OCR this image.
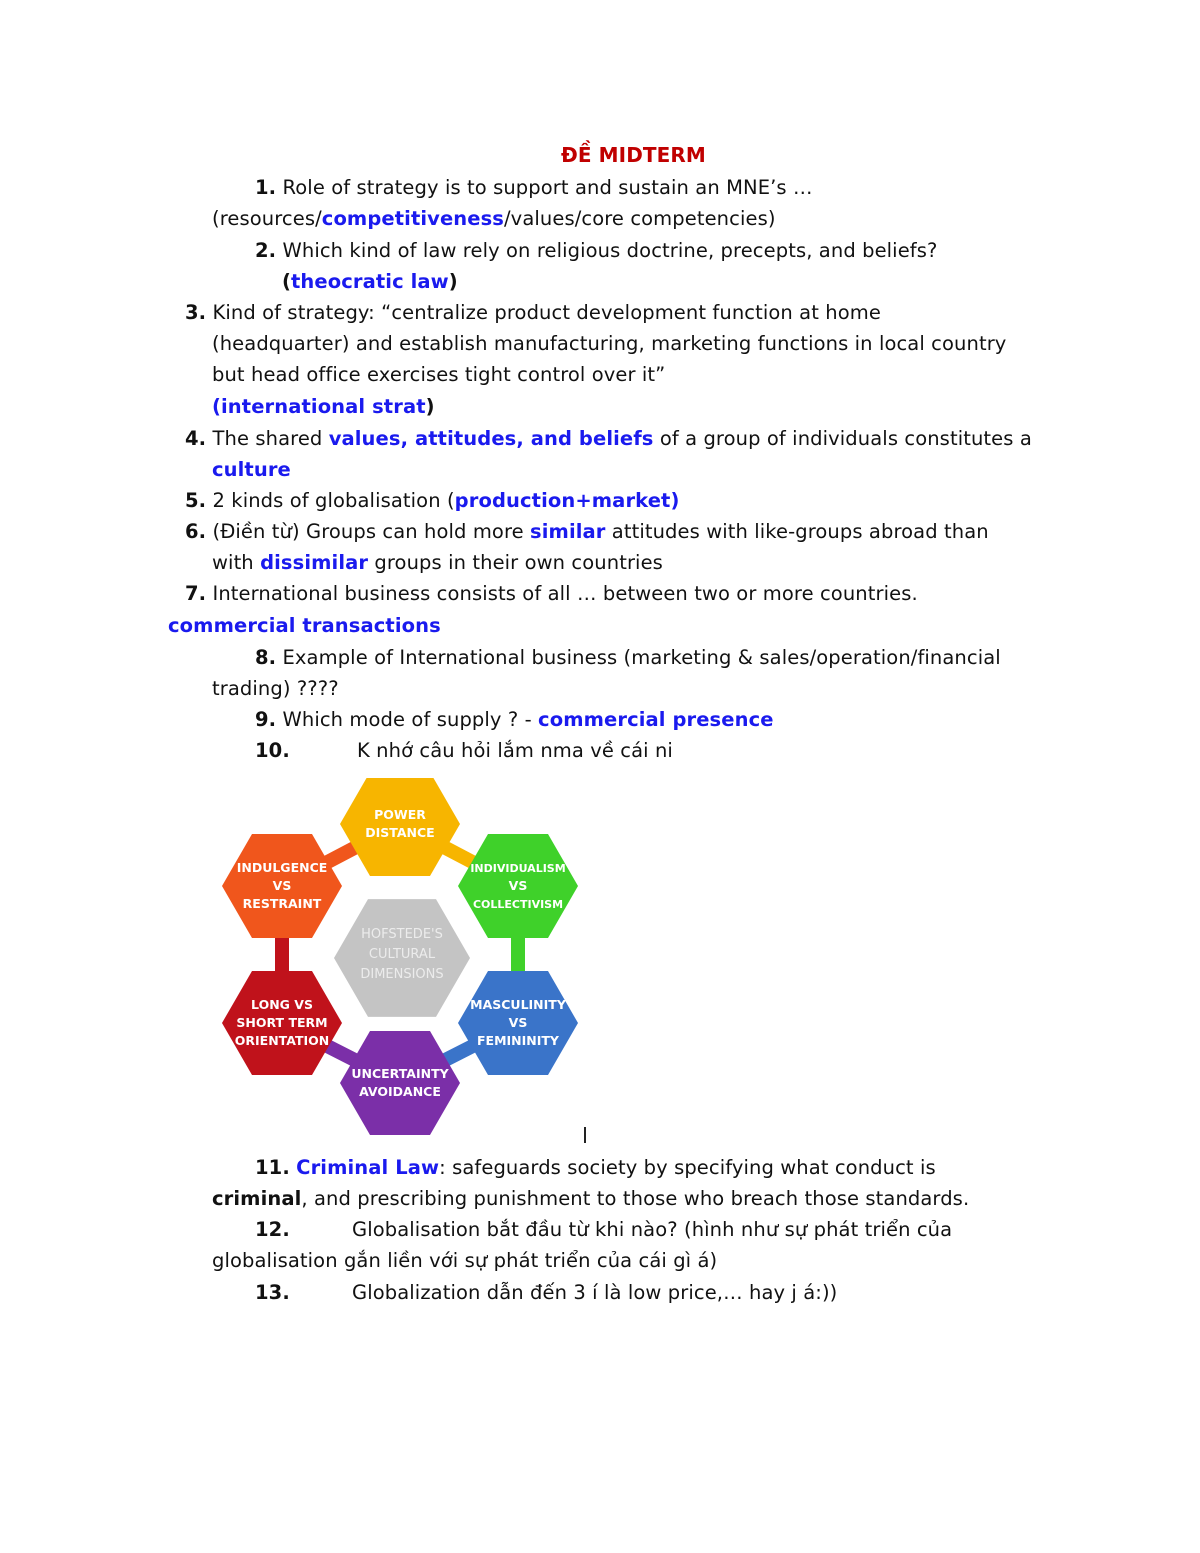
ĐỀ MIDTERM
1. Role of strategy is to support and sustain an MNE’s …
(resources/competitiveness/values/core competencies)
2. Which kind of law rely on religious doctrine, precepts, and beliefs?
(theocratic law)
3. Kind of strategy: “centralize product development function at home
(headquarter) and establish manufacturing, marketing functions in local country
but head office exercises tight control over it”
(international strat)
4. The shared values, attitudes, and beliefs of a group of individuals constitutes a
culture
5. 2 kinds of globalisation (production+market)
6. (Điền từ) Groups can hold more similar attitudes with like-groups abroad than
with dissimilar groups in their own countries
7. International business consists of all … between two or more countries.
commercial transactions
8. Example of International business (marketing & sales/operation/financial
trading) ????
9. Which mode of supply ? - commercial presence
10.	K nhớ câu hỏi lắm nma về cái ni
HOFSTEDE'S
CULTURAL
DIMENSIONS
POWER
DISTANCE
INDIVIDUALISM
VS
COLLECTIVISM
MASCULINITY
VS
FEMININITY
UNCERTAINTY
AVOIDANCE
LONG VS
SHORT TERM
ORIENTATION
INDULGENCE
VS
RESTRAINT
11. Criminal Law: safeguards society by specifying what conduct is
criminal, and prescribing punishment to those who breach those standards.
12.	Globalisation bắt đầu từ khi nào? (hình như sự phát triển của
globalisation gắn liền với sự phát triển của cái gì á)
13.	Globalization dẫn đến 3 í là low price,… hay j á:))
